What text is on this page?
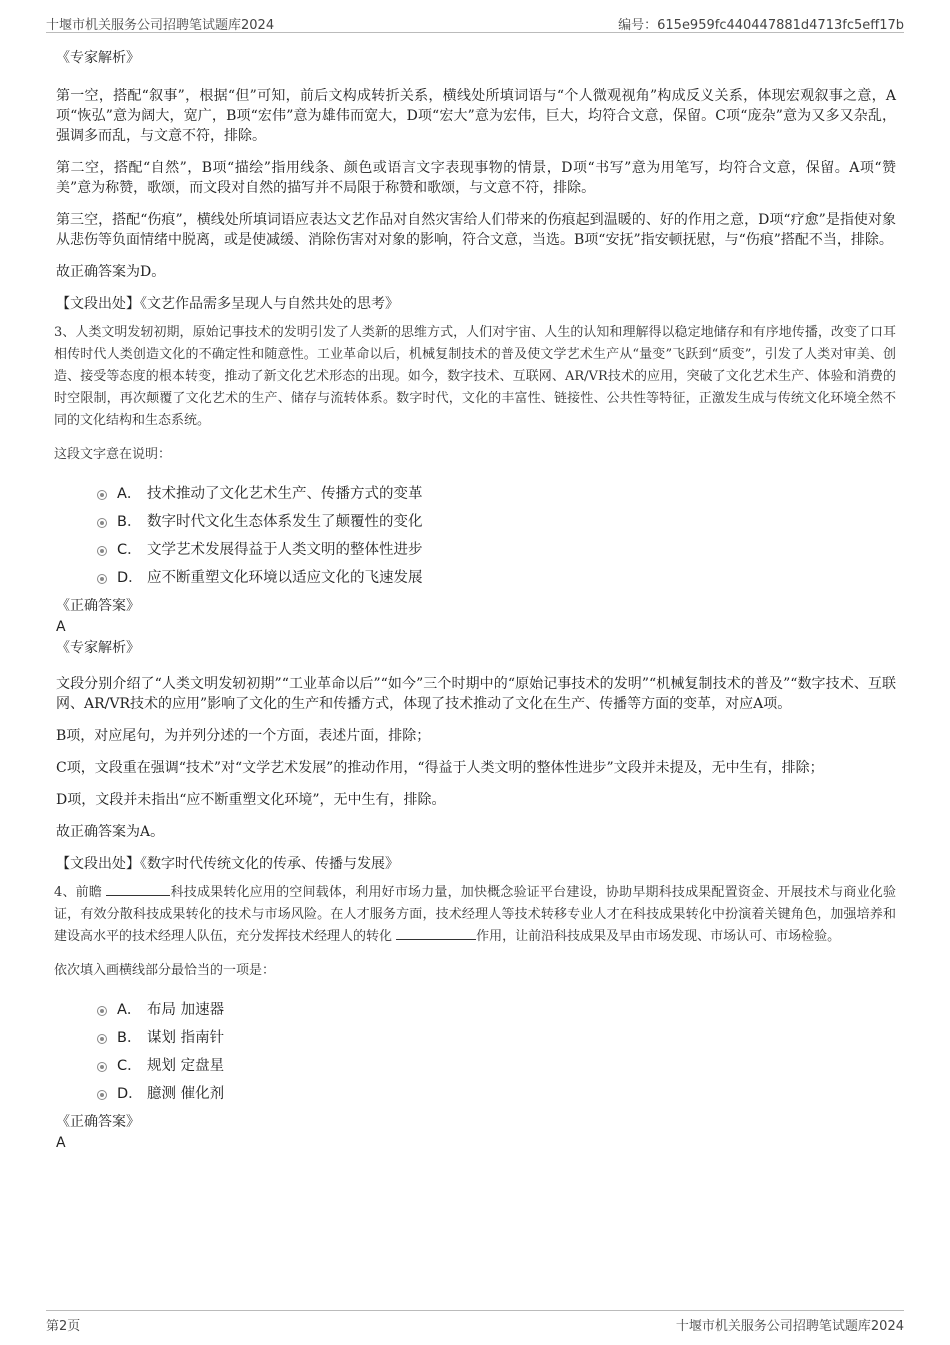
十堰市机关服务公司招聘笔试题库2024	编号：615e959fc440447881d4713fc5eff17b

《专家解析》

第一空，搭配“叙事”，根据“但”可知，前后文构成转折关系，横线处所填词语与“个人微观视角”构成反义关系，体现宏观叙事之意，A项“恢弘”意为阔大，宽广，B项“宏伟”意为雄伟而宽大，D项“宏大”意为宏伟，巨大，均符合文意，保留。C项“庞杂”意为又多又杂乱，强调多而乱，与文意不符，排除。

第二空，搭配“自然”，B项“描绘”指用线条、颜色或语言文字表现事物的情景，D项“书写”意为用笔写，均符合文意，保留。A项“赞美”意为称赞，歌颂，而文段对自然的描写并不局限于称赞和歌颂，与文意不符，排除。

第三空，搭配“伤痕”，横线处所填词语应表达文艺作品对自然灾害给人们带来的伤痕起到温暖的、好的作用之意，D项“疗愈”是指使对象从悲伤等负面情绪中脱离，或是使减缓、消除伤害对对象的影响，符合文意，当选。B项“安抚”指安顿抚慰，与“伤痕”搭配不当，排除。

故正确答案为D。

【文段出处】《文艺作品需多呈现人与自然共处的思考》

3、人类文明发轫初期，原始记事技术的发明引发了人类新的思维方式，人们对宇宙、人生的认知和理解得以稳定地储存和有序地传播，改变了口耳相传时代人类创造文化的不确定性和随意性。工业革命以后，机械复制技术的普及使文学艺术生产从“量变”飞跃到“质变”，引发了人类对审美、创造、接受等态度的根本转变，推动了新文化艺术形态的出现。如今，数字技术、互联网、AR/VR技术的应用，突破了文化艺术生产、体验和消费的时空限制，再次颠覆了文化艺术的生产、储存与流转体系。数字时代，文化的丰富性、链接性、公共性等特征，正激发生成与传统文化环境全然不同的文化结构和生态系统。

这段文字意在说明：

A． 技术推动了文化艺术生产、传播方式的变革
B． 数字时代文化生态体系发生了颠覆性的变化
C． 文学艺术发展得益于人类文明的整体性进步
D． 应不断重塑文化环境以适应文化的飞速发展

《正确答案》

A

《专家解析》

文段分别介绍了“人类文明发轫初期”“工业革命以后”“如今”三个时期中的“原始记事技术的发明”“机械复制技术的普及”“数字技术、互联网、AR/VR技术的应用”影响了文化的生产和传播方式，体现了技术推动了文化在生产、传播等方面的变革，对应A项。

B项，对应尾句，为并列分述的一个方面，表述片面，排除；

C项，文段重在强调“技术”对“文学艺术发展”的推动作用，“得益于人类文明的整体性进步”文段并未提及，无中生有，排除；

D项，文段并未指出“应不断重塑文化环境”，无中生有，排除。

故正确答案为A。

【文段出处】《数字时代传统文化的传承、传播与发展》

4、前瞻	科技成果转化应用的空间载体，利用好市场力量，加快概念验证平台建设，协助早期科技成果配置资金、开展技术与商业化验证，有效分散科技成果转化的技术与市场风险。在人才服务方面，技术经理人等技术转移专业人才在科技成果转化中扮演着关键角色，加强培养和建设高水平的技术经理人队伍，充分发挥技术经理人的转化	作用，让前沿科技成果及早由市场发现、市场认可、市场检验。

依次填入画横线部分最恰当的一项是：

A． 布局 加速器
B． 谋划 指南针
C． 规划 定盘星
D． 臆测 催化剂

《正确答案》

A

第2页	十堰市机关服务公司招聘笔试题库2024
